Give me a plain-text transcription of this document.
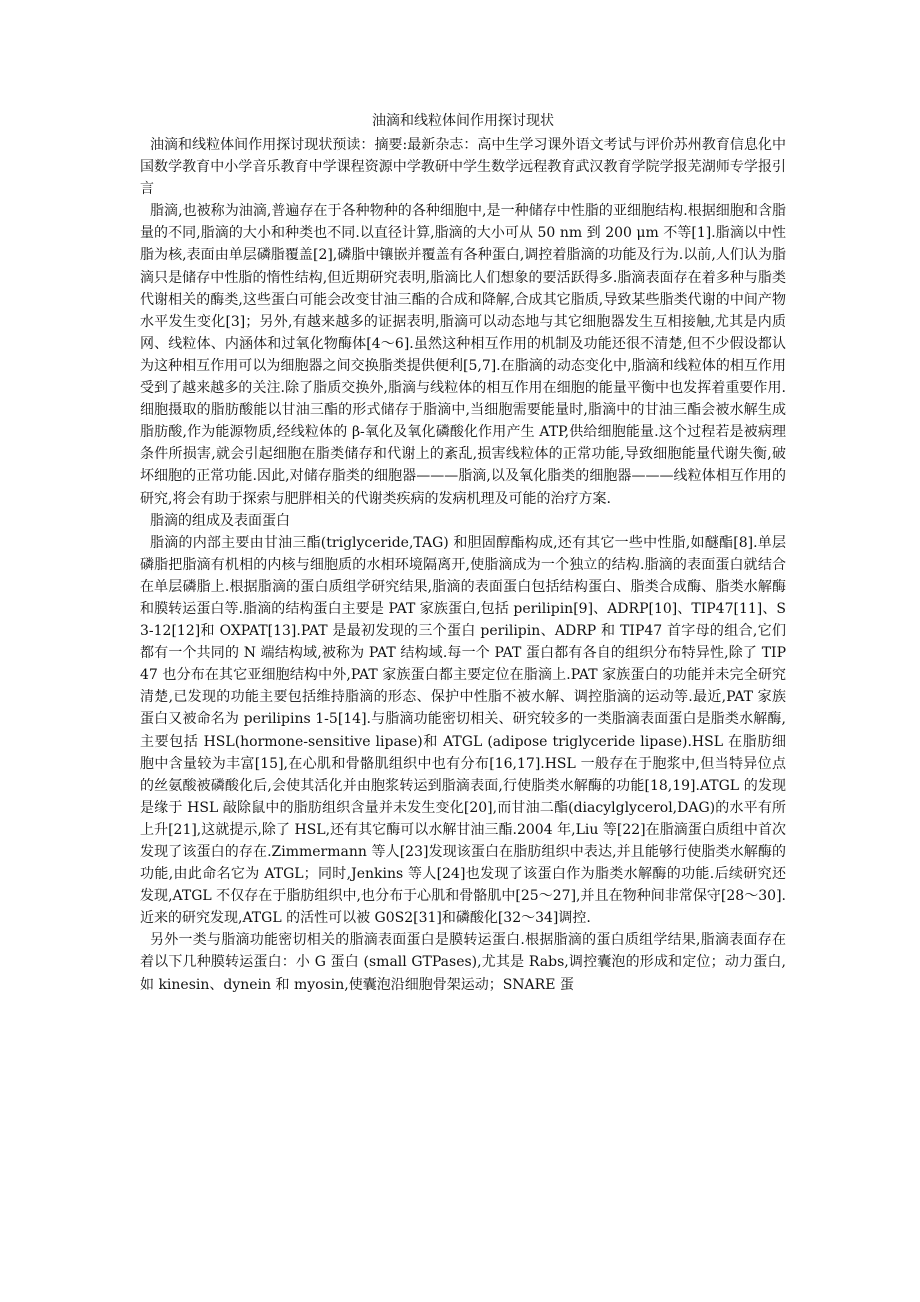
油滴和线粒体间作用探讨现状

油滴和线粒体间作用探讨现状预读：摘要:最新杂志：高中生学习课外语文考试与评价苏州教育信息化中国数学教育中小学音乐教育中学课程资源中学教研中学生数学远程教育武汉教育学院学报芜湖师专学报引 言

脂滴,也被称为油滴,普遍存在于各种物种的各种细胞中,是一种储存中性脂的亚细胞结构.根据细胞和含脂量的不同,脂滴的大小和种类也不同.以直径计算,脂滴的大小可从 50 nm 到 200 μm 不等[1].脂滴以中性脂为核,表面由单层磷脂覆盖[2],磷脂中镶嵌并覆盖有各种蛋白,调控着脂滴的功能及行为.以前,人们认为脂滴只是储存中性脂的惰性结构,但近期研究表明,脂滴比人们想象的要活跃得多.脂滴表面存在着多种与脂类代谢相关的酶类,这些蛋白可能会改变甘油三酯的合成和降解,合成其它脂质,导致某些脂类代谢的中间产物水平发生变化[3]；另外,有越来越多的证据表明,脂滴可以动态地与其它细胞器发生互相接触,尤其是内质网、线粒体、内涵体和过氧化物酶体[4～6].虽然这种相互作用的机制及功能还很不清楚,但不少假设都认为这种相互作用可以为细胞器之间交换脂类提供便利[5,7].在脂滴的动态变化中,脂滴和线粒体的相互作用受到了越来越多的关注.除了脂质交换外,脂滴与线粒体的相互作用在细胞的能量平衡中也发挥着重要作用.细胞摄取的脂肪酸能以甘油三酯的形式储存于脂滴中,当细胞需要能量时,脂滴中的甘油三酯会被水解生成脂肪酸,作为能源物质,经线粒体的 β-氧化及氧化磷酸化作用产生 ATP,供给细胞能量.这个过程若是被病理条件所损害,就会引起细胞在脂类储存和代谢上的紊乱,损害线粒体的正常功能,导致细胞能量代谢失衡,破坏细胞的正常功能.因此,对储存脂类的细胞器———脂滴,以及氧化脂类的细胞器———线粒体相互作用的研究,将会有助于探索与肥胖相关的代谢类疾病的发病机理及可能的治疗方案.

脂滴的组成及表面蛋白

脂滴的内部主要由甘油三酯(triglyceride,TAG) 和胆固醇酯构成,还有其它一些中性脂,如醚酯[8].单层磷脂把脂滴有机相的内核与细胞质的水相环境隔离开,使脂滴成为一个独立的结构.脂滴的表面蛋白就结合在单层磷脂上.根据脂滴的蛋白质组学研究结果,脂滴的表面蛋白包括结构蛋白、脂类合成酶、脂类水解酶和膜转运蛋白等.脂滴的结构蛋白主要是 PAT 家族蛋白,包括 perilipin[9]、ADRP[10]、TIP47[11]、S3-12[12]和 OXPAT[13].PAT 是最初发现的三个蛋白 perilipin、ADRP 和 TIP47 首字母的组合,它们都有一个共同的 N 端结构域,被称为 PAT 结构域.每一个 PAT 蛋白都有各自的组织分布特异性,除了 TIP47 也分布在其它亚细胞结构中外,PAT 家族蛋白都主要定位在脂滴上.PAT 家族蛋白的功能并未完全研究清楚,已发现的功能主要包括维持脂滴的形态、保护中性脂不被水解、调控脂滴的运动等.最近,PAT 家族蛋白又被命名为 perilipins 1-5[14].与脂滴功能密切相关、研究较多的一类脂滴表面蛋白是脂类水解酶,主要包括 HSL(hormone-sensitive lipase)和 ATGL (adipose triglyceride lipase).HSL 在脂肪细胞中含量较为丰富[15],在心肌和骨骼肌组织中也有分布[16,17].HSL 一般存在于胞浆中,但当特异位点的丝氨酸被磷酸化后,会使其活化并由胞浆转运到脂滴表面,行使脂类水解酶的功能[18,19].ATGL 的发现是缘于 HSL 敲除鼠中的脂肪组织含量并未发生变化[20],而甘油二酯(diacylglycerol,DAG)的水平有所上升[21],这就提示,除了 HSL,还有其它酶可以水解甘油三酯.2004 年,Liu 等[22]在脂滴蛋白质组中首次发现了该蛋白的存在.Zimmermann 等人[23]发现该蛋白在脂肪组织中表达,并且能够行使脂类水解酶的功能,由此命名它为 ATGL；同时,Jenkins 等人[24]也发现了该蛋白作为脂类水解酶的功能.后续研究还发现,ATGL 不仅存在于脂肪组织中,也分布于心肌和骨骼肌中[25～27],并且在物种间非常保守[28～30].近来的研究发现,ATGL 的活性可以被 G0S2[31]和磷酸化[32～34]调控.

另外一类与脂滴功能密切相关的脂滴表面蛋白是膜转运蛋白.根据脂滴的蛋白质组学结果,脂滴表面存在着以下几种膜转运蛋白：小 G 蛋白 (small GTPases),尤其是 Rabs,调控囊泡的形成和定位；动力蛋白,如 kinesin、dynein 和 myosin,使囊泡沿细胞骨架运动；SNARE 蛋
